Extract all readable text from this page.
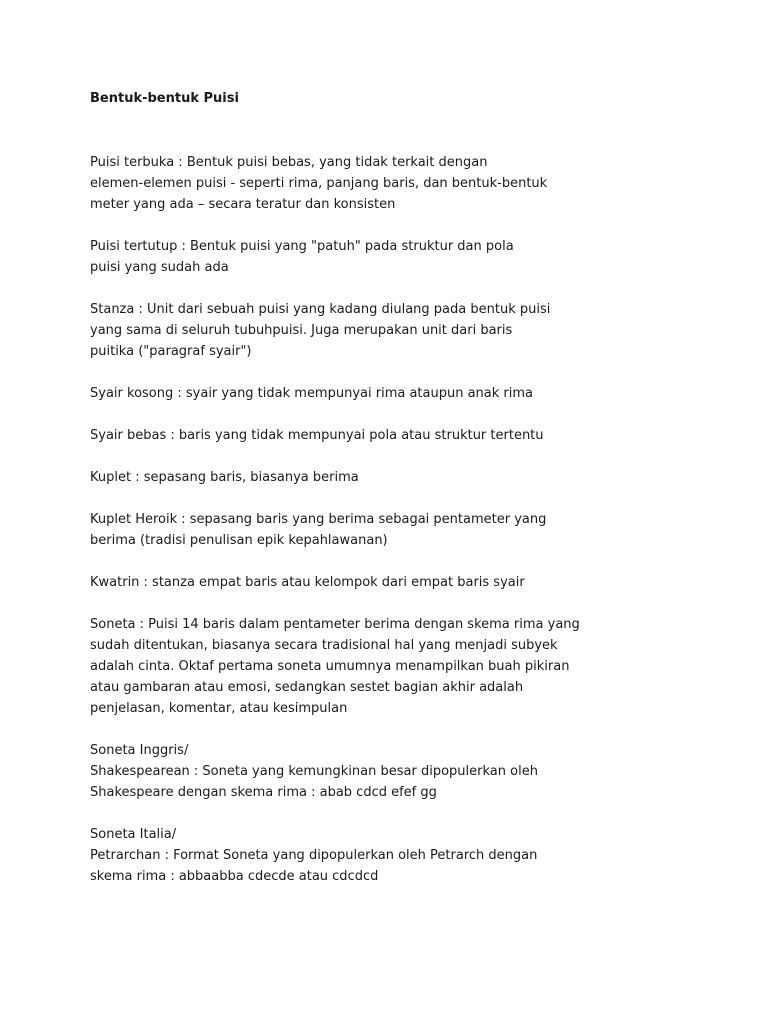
Bentuk-bentuk Puisi
Puisi terbuka : Bentuk puisi bebas, yang tidak terkait dengan
elemen-elemen puisi - seperti rima, panjang baris, dan bentuk-bentuk
meter yang ada – secara teratur dan konsisten
Puisi tertutup : Bentuk puisi yang "patuh" pada struktur dan pola
puisi yang sudah ada
Stanza : Unit dari sebuah puisi yang kadang diulang pada bentuk puisi
yang sama di seluruh tubuhpuisi. Juga merupakan unit dari baris
puitika ("paragraf syair")
Syair kosong : syair yang tidak mempunyai rima ataupun anak rima
Syair bebas : baris yang tidak mempunyai pola atau struktur tertentu
Kuplet : sepasang baris, biasanya berima
Kuplet Heroik : sepasang baris yang berima sebagai pentameter yang
berima (tradisi penulisan epik kepahlawanan)
Kwatrin : stanza empat baris atau kelompok dari empat baris syair
Soneta : Puisi 14 baris dalam pentameter berima dengan skema rima yang
sudah ditentukan, biasanya secara tradisional hal yang menjadi subyek
adalah cinta. Oktaf pertama soneta umumnya menampilkan buah pikiran
atau gambaran atau emosi, sedangkan sestet bagian akhir adalah
penjelasan, komentar, atau kesimpulan
Soneta Inggris/
Shakespearean : Soneta yang kemungkinan besar dipopulerkan oleh
Shakespeare dengan skema rima : abab cdcd efef gg
Soneta Italia/
Petrarchan : Format Soneta yang dipopulerkan oleh Petrarch dengan
skema rima : abbaabba cdecde atau cdcdcd
